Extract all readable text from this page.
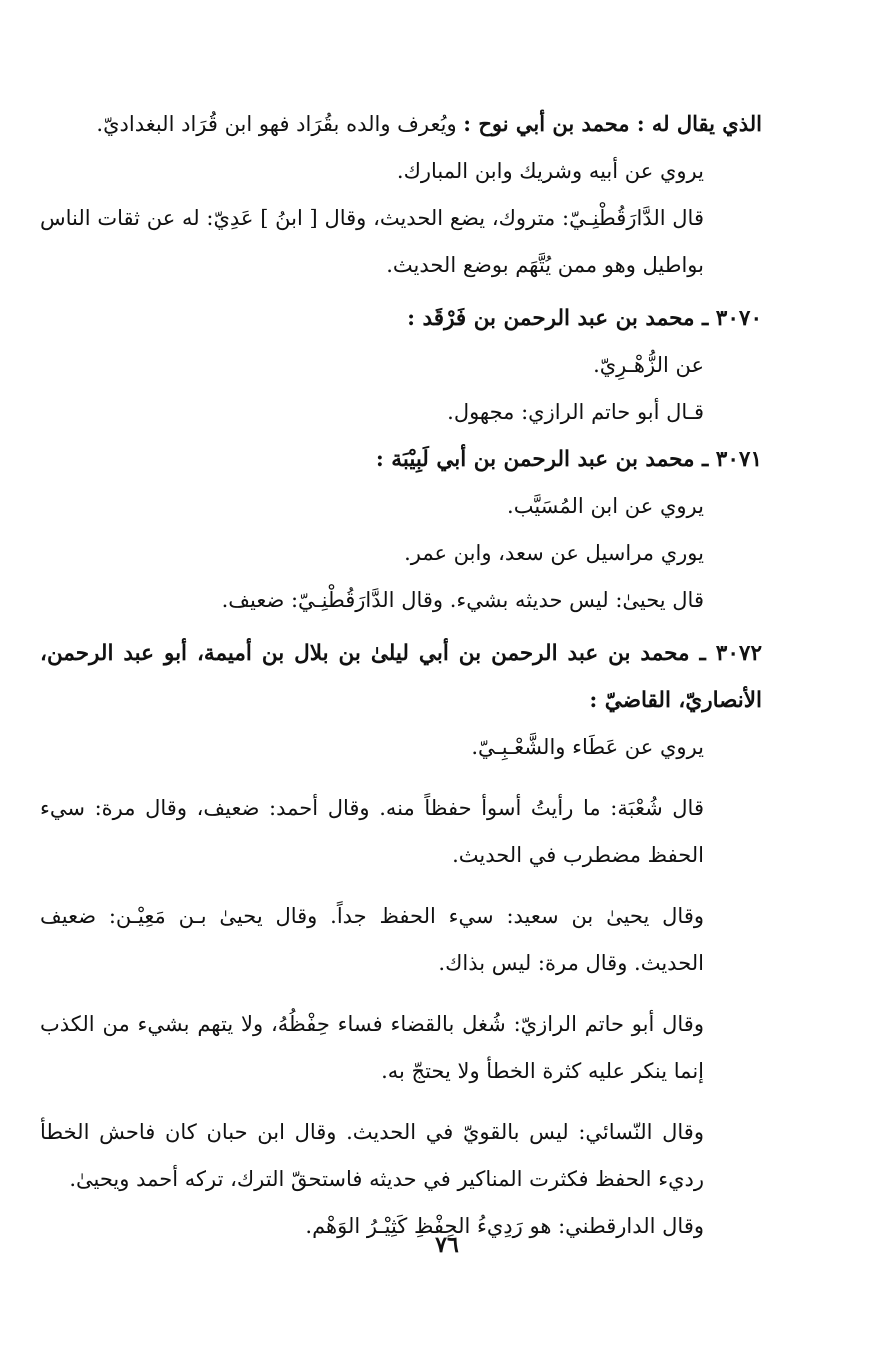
الذي يقال له : محمد بن أبي نوح : ويُعرف والده بقُرَاد فهو ابن قُرَاد البغداديّ.

يروي عن أبيه وشريك وابن المبارك.

قال الدَّارَقُطْنِـيّ: متروك، يضع الحديث، وقال [ ابنُ ] عَدِيّ: له عن ثقات الناس بواطيل وهو ممن يُتَّهَم بوضع الحديث.

٣٠٧٠ ـ محمد بن عبد الرحمن بن فَرْقَد :

عن الزُّهْـرِيّ.

قـال أبو حاتم الرازي: مجهول.

٣٠٧١ ـ محمد بن عبد الرحمن بن أبي لَبِيْبَة :

يروي عن ابن المُسَيَّب.

يوري مراسيل عن سعد، وابن عمر.

قال يحيىٰ: ليس حديثه بشيء. وقال الدَّارَقُطْنِـيّ: ضعيف.

٣٠٧٢ ـ محمد بن عبد الرحمن بن أبي ليلىٰ بن بلال بن أميمة، أبو عبد الرحمن، الأنصاريّ، القاضيّ :

يروي عن عَطَاء والشَّعْـبِـيّ.

قال شُعْبَة: ما رأيتُ أسوأ حفظاً منه. وقال أحمد: ضعيف، وقال مرة: سيء الحفظ مضطرب في الحديث.

وقال يحيىٰ بن سعيد: سيء الحفظ جداً. وقال يحيىٰ بـن مَعِيْـن: ضعيف الحديث. وقال مرة: ليس بذاك.

وقال أبو حاتم الرازيّ: شُغل بالقضاء فساء حِفْظُهُ، ولا يتهم بشيء من الكذب إنما ينكر عليه كثرة الخطأ ولا يحتجّ به.

وقال النّسائي: ليس بالقويّ في الحديث. وقال ابن حبان كان فاحش الخطأ رديء الحفظ فكثرت المناكير في حديثه فاستحقّ الترك، تركه أحمد ويحيىٰ.

وقال الدارقطني: هو رَدِيءُ الحِفْظِ كَثِيْـرُ الوَهْم.

٧٦
